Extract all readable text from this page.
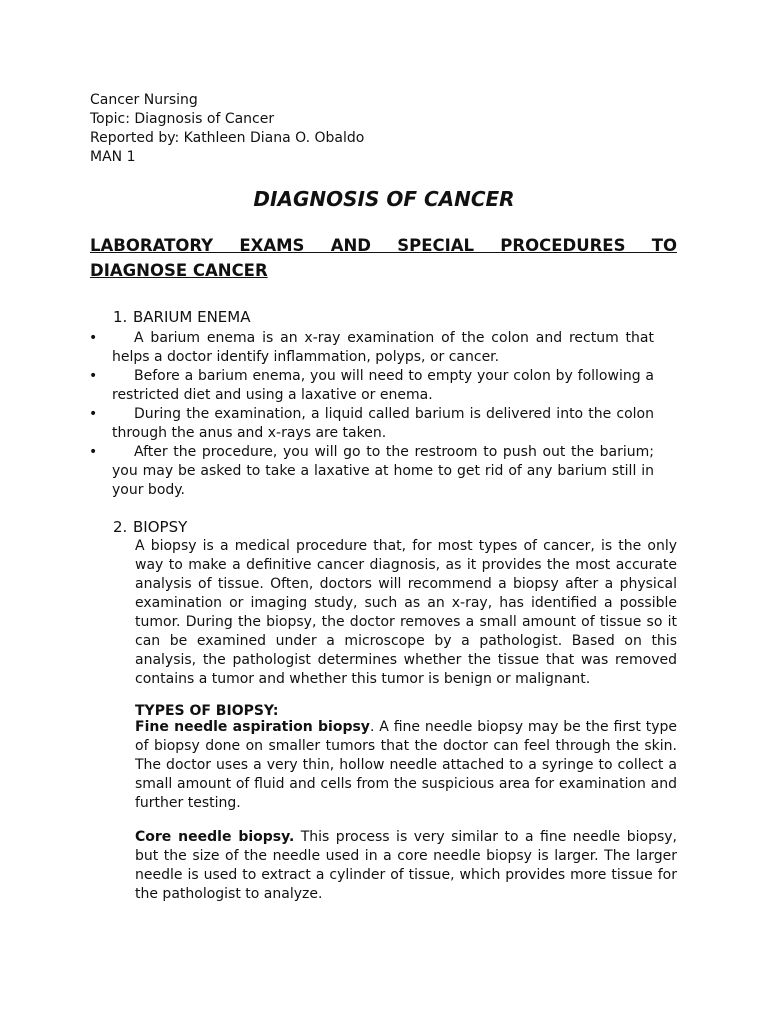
Cancer Nursing
Topic: Diagnosis of Cancer
Reported by: Kathleen Diana O. Obaldo
MAN 1
DIAGNOSIS OF CANCER
LABORATORY EXAMS AND SPECIAL PROCEDURES TO
DIAGNOSE CANCER
1. BARIUM ENEMA
•	A barium enema is an x-ray examination of the colon and rectum that helps a doctor identify inflammation, polyps, or cancer.
•	Before a barium enema, you will need to empty your colon by following a restricted diet and using a laxative or enema.
•	During the examination, a liquid called barium is delivered into the colon through the anus and x-rays are taken.
•	After the procedure, you will go to the restroom to push out the barium; you may be asked to take a laxative at home to get rid of any barium still in your body.
2. BIOPSY
A biopsy is a medical procedure that, for most types of cancer, is the only way to make a definitive cancer diagnosis, as it provides the most accurate analysis of tissue. Often, doctors will recommend a biopsy after a physical examination or imaging study, such as an x-ray, has identified a possible tumor. During the biopsy, the doctor removes a small amount of tissue so it can be examined under a microscope by a pathologist. Based on this analysis, the pathologist determines whether the tissue that was removed contains a tumor and whether this tumor is benign or malignant.
TYPES OF BIOPSY:
Fine needle aspiration biopsy. A fine needle biopsy may be the first type of biopsy done on smaller tumors that the doctor can feel through the skin. The doctor uses a very thin, hollow needle attached to a syringe to collect a small amount of fluid and cells from the suspicious area for examination and further testing.
Core needle biopsy. This process is very similar to a fine needle biopsy, but the size of the needle used in a core needle biopsy is larger. The larger needle is used to extract a cylinder of tissue, which provides more tissue for the pathologist to analyze.
